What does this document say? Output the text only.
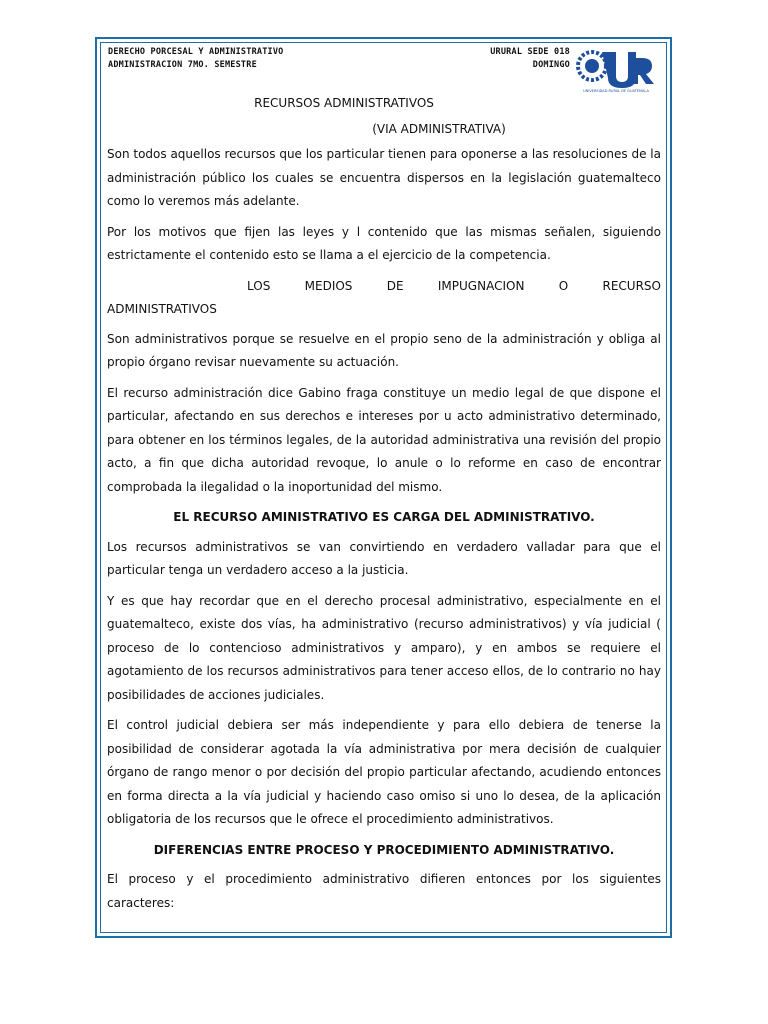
DERECHO PORCESAL Y ADMINISTRATIVO
ADMINISTRACION 7MO. SEMESTRE
URURAL SEDE 018
DOMINGO
UNIVERSIDAD RURAL DE GUATEMALA

RECURSOS ADMINISTRATIVOS

(VIA ADMINISTRATIVA)

Son todos aquellos recursos que los particular tienen para oponerse a las resoluciones de la administración público los cuales se encuentra dispersos en la legislación guatemalteco como lo veremos más adelante.

Por los motivos que fijen las leyes y l contenido que las mismas señalen, siguiendo estrictamente el contenido esto se llama a el ejercicio de la competencia.

LOS MEDIOS DE IMPUGNACION O RECURSO

ADMINISTRATIVOS

Son administrativos porque se resuelve en el propio seno de la administración y obliga al propio órgano revisar nuevamente su actuación.

El recurso administración dice Gabino fraga constituye un medio legal de que dispone el particular, afectando en sus derechos e intereses por u acto administrativo determinado, para obtener en los términos legales, de la autoridad administrativa una revisión del propio acto, a fin que dicha autoridad revoque, lo anule o lo reforme en caso de encontrar comprobada la ilegalidad o la inoportunidad del mismo.

EL RECURSO AMINISTRATIVO ES CARGA DEL ADMINISTRATIVO.

Los recursos administrativos se van convirtiendo en verdadero valladar para que el particular tenga un verdadero acceso a la justicia.

Y es que hay recordar que en el derecho procesal administrativo, especialmente en el guatemalteco, existe dos vías, ha administrativo (recurso administrativos) y vía judicial ( proceso de lo contencioso administrativos y amparo), y en ambos se requiere el agotamiento de los recursos administrativos para tener acceso ellos, de lo contrario no hay posibilidades de acciones judiciales.

El control judicial debiera ser más independiente y para ello debiera de tenerse la posibilidad de considerar agotada la vía administrativa por mera decisión de cualquier órgano de rango menor o por decisión del propio particular afectando, acudiendo entonces en forma directa a la vía judicial y haciendo caso omiso si uno lo desea, de la aplicación obligatoria de los recursos que le ofrece el procedimiento administrativos.

DIFERENCIAS ENTRE PROCESO Y PROCEDIMIENTO ADMINISTRATIVO.

El proceso y el procedimiento administrativo difieren entonces por los siguientes caracteres:
